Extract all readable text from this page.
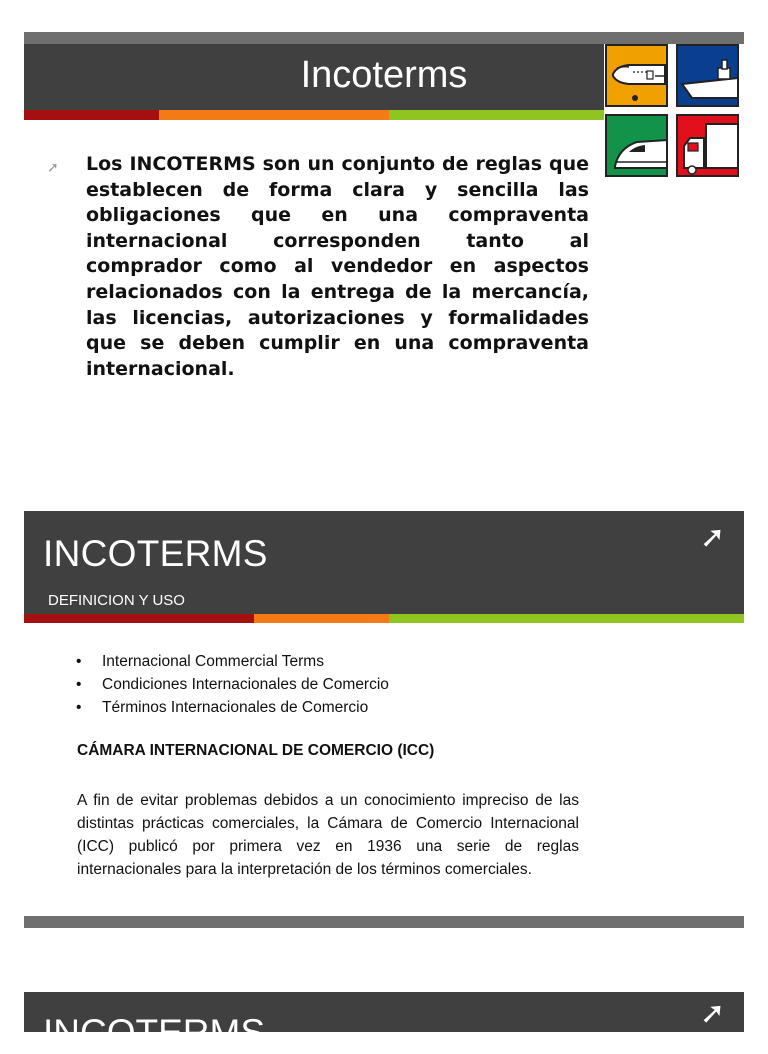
Incoterms
➚ Los INCOTERMS son un conjunto de reglas que establecen de forma clara y sencilla las obligaciones que en una compraventa internacional corresponden tanto al comprador como al vendedor en aspectos relacionados con la entrega de la mercancía, las licencias, autorizaciones y formalidades que se deben cumplir en una compraventa internacional.
INCOTERMS
DEFINICION Y USO
➚
• Internacional Commercial Terms
• Condiciones Internacionales de Comercio
• Términos Internacionales de Comercio
CÁMARA INTERNACIONAL DE COMERCIO (ICC)
A fin de evitar problemas debidos a un conocimiento impreciso de las distintas prácticas comerciales, la Cámara de Comercio Internacional (ICC) publicó por primera vez en 1936 una serie de reglas internacionales para la interpretación de los términos comerciales.
INCOTERMS	➚
